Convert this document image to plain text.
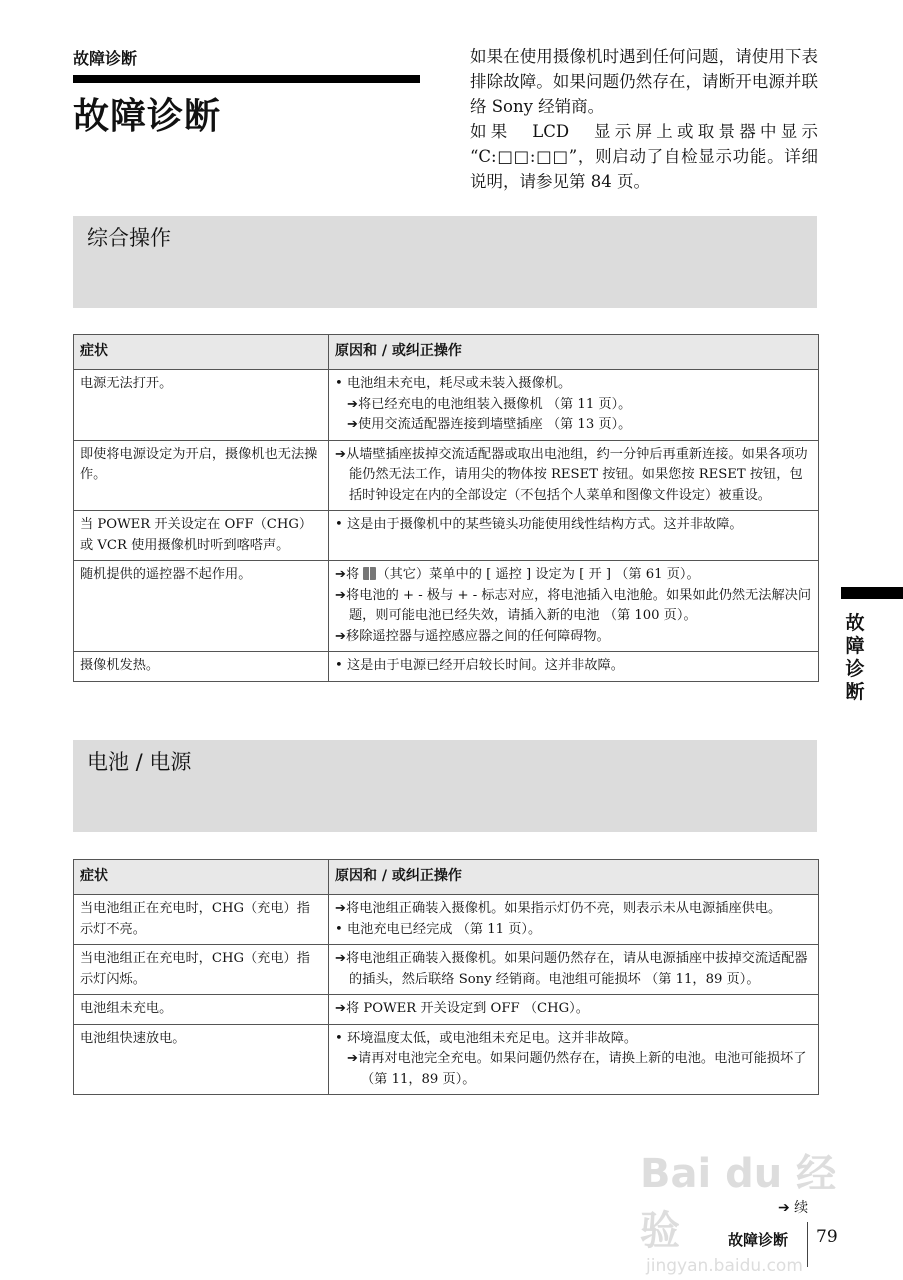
故障诊断
故障诊断

如果在使用摄像机时遇到任何问题，请使用下表排除故障。如果问题仍然存在，请断开电源并联络 Sony 经销商。

如果　LCD　显示屏上或取景器中显示 “C:□□:□□”，则启动了自检显示功能。详细说明，请参见第 84 页。

综合操作
症状	原因和 / 或纠正操作
电源无法打开。	• 电池组未充电，耗尽或未装入摄像机。
➔将已经充电的电池组装入摄像机 （第 11 页）。
➔使用交流适配器连接到墙壁插座 （第 13 页）。

即使将电源设定为开启，摄像机也无法操作。	➔从墙壁插座拔掉交流适配器或取出电池组，约一分钟后再重新连接。如果各项功能仍然无法工作，请用尖的物体按 RESET 按钮。如果您按 RESET 按钮，包括时钟设定在内的全部设定（不包括个人菜单和图像文件设定）被重设。

当 POWER 开关设定在 OFF（CHG）或 VCR 使用摄像机时听到喀嗒声。	• 这是由于摄像机中的某些镜头功能使用线性结构方式。这并非故障。

随机提供的遥控器不起作用。	➔将 （其它）菜单中的 [ 遥控 ] 设定为 [ 开 ] （第 61 页）。
➔将电池的 + - 极与 + - 标志对应，将电池插入电池舱。如果如此仍然无法解决问题，则可能电池已经失效，请插入新的电池 （第 100 页）。
➔移除遥控器与遥控感应器之间的任何障碍物。

摄像机发热。	• 这是由于电源已经开启较长时间。这并非故障。
电池 / 电源
症状	原因和 / 或纠正操作
当电池组正在充电时，CHG（充电）指示灯不亮。	➔将电池组正确装入摄像机。如果指示灯仍不亮，则表示未从电源插座供电。
• 电池充电已经完成 （第 11 页）。

当电池组正在充电时，CHG（充电）指示灯闪烁。	➔将电池组正确装入摄像机。如果问题仍然存在，请从电源插座中拔掉交流适配器的插头，然后联络 Sony 经销商。电池组可能损坏 （第 11，89 页）。

电池组未充电。	➔将 POWER 开关设定到 OFF （CHG）。

电池组快速放电。	• 环境温度太低，或电池组未充足电。这并非故障。
➔请再对电池完全充电。如果问题仍然存在，请换上新的电池。电池可能损坏了 （第 11，89 页）。
故
障
诊
断
Bai du 经验
jingyan.baidu.com
➔ 续
故障诊断 79
